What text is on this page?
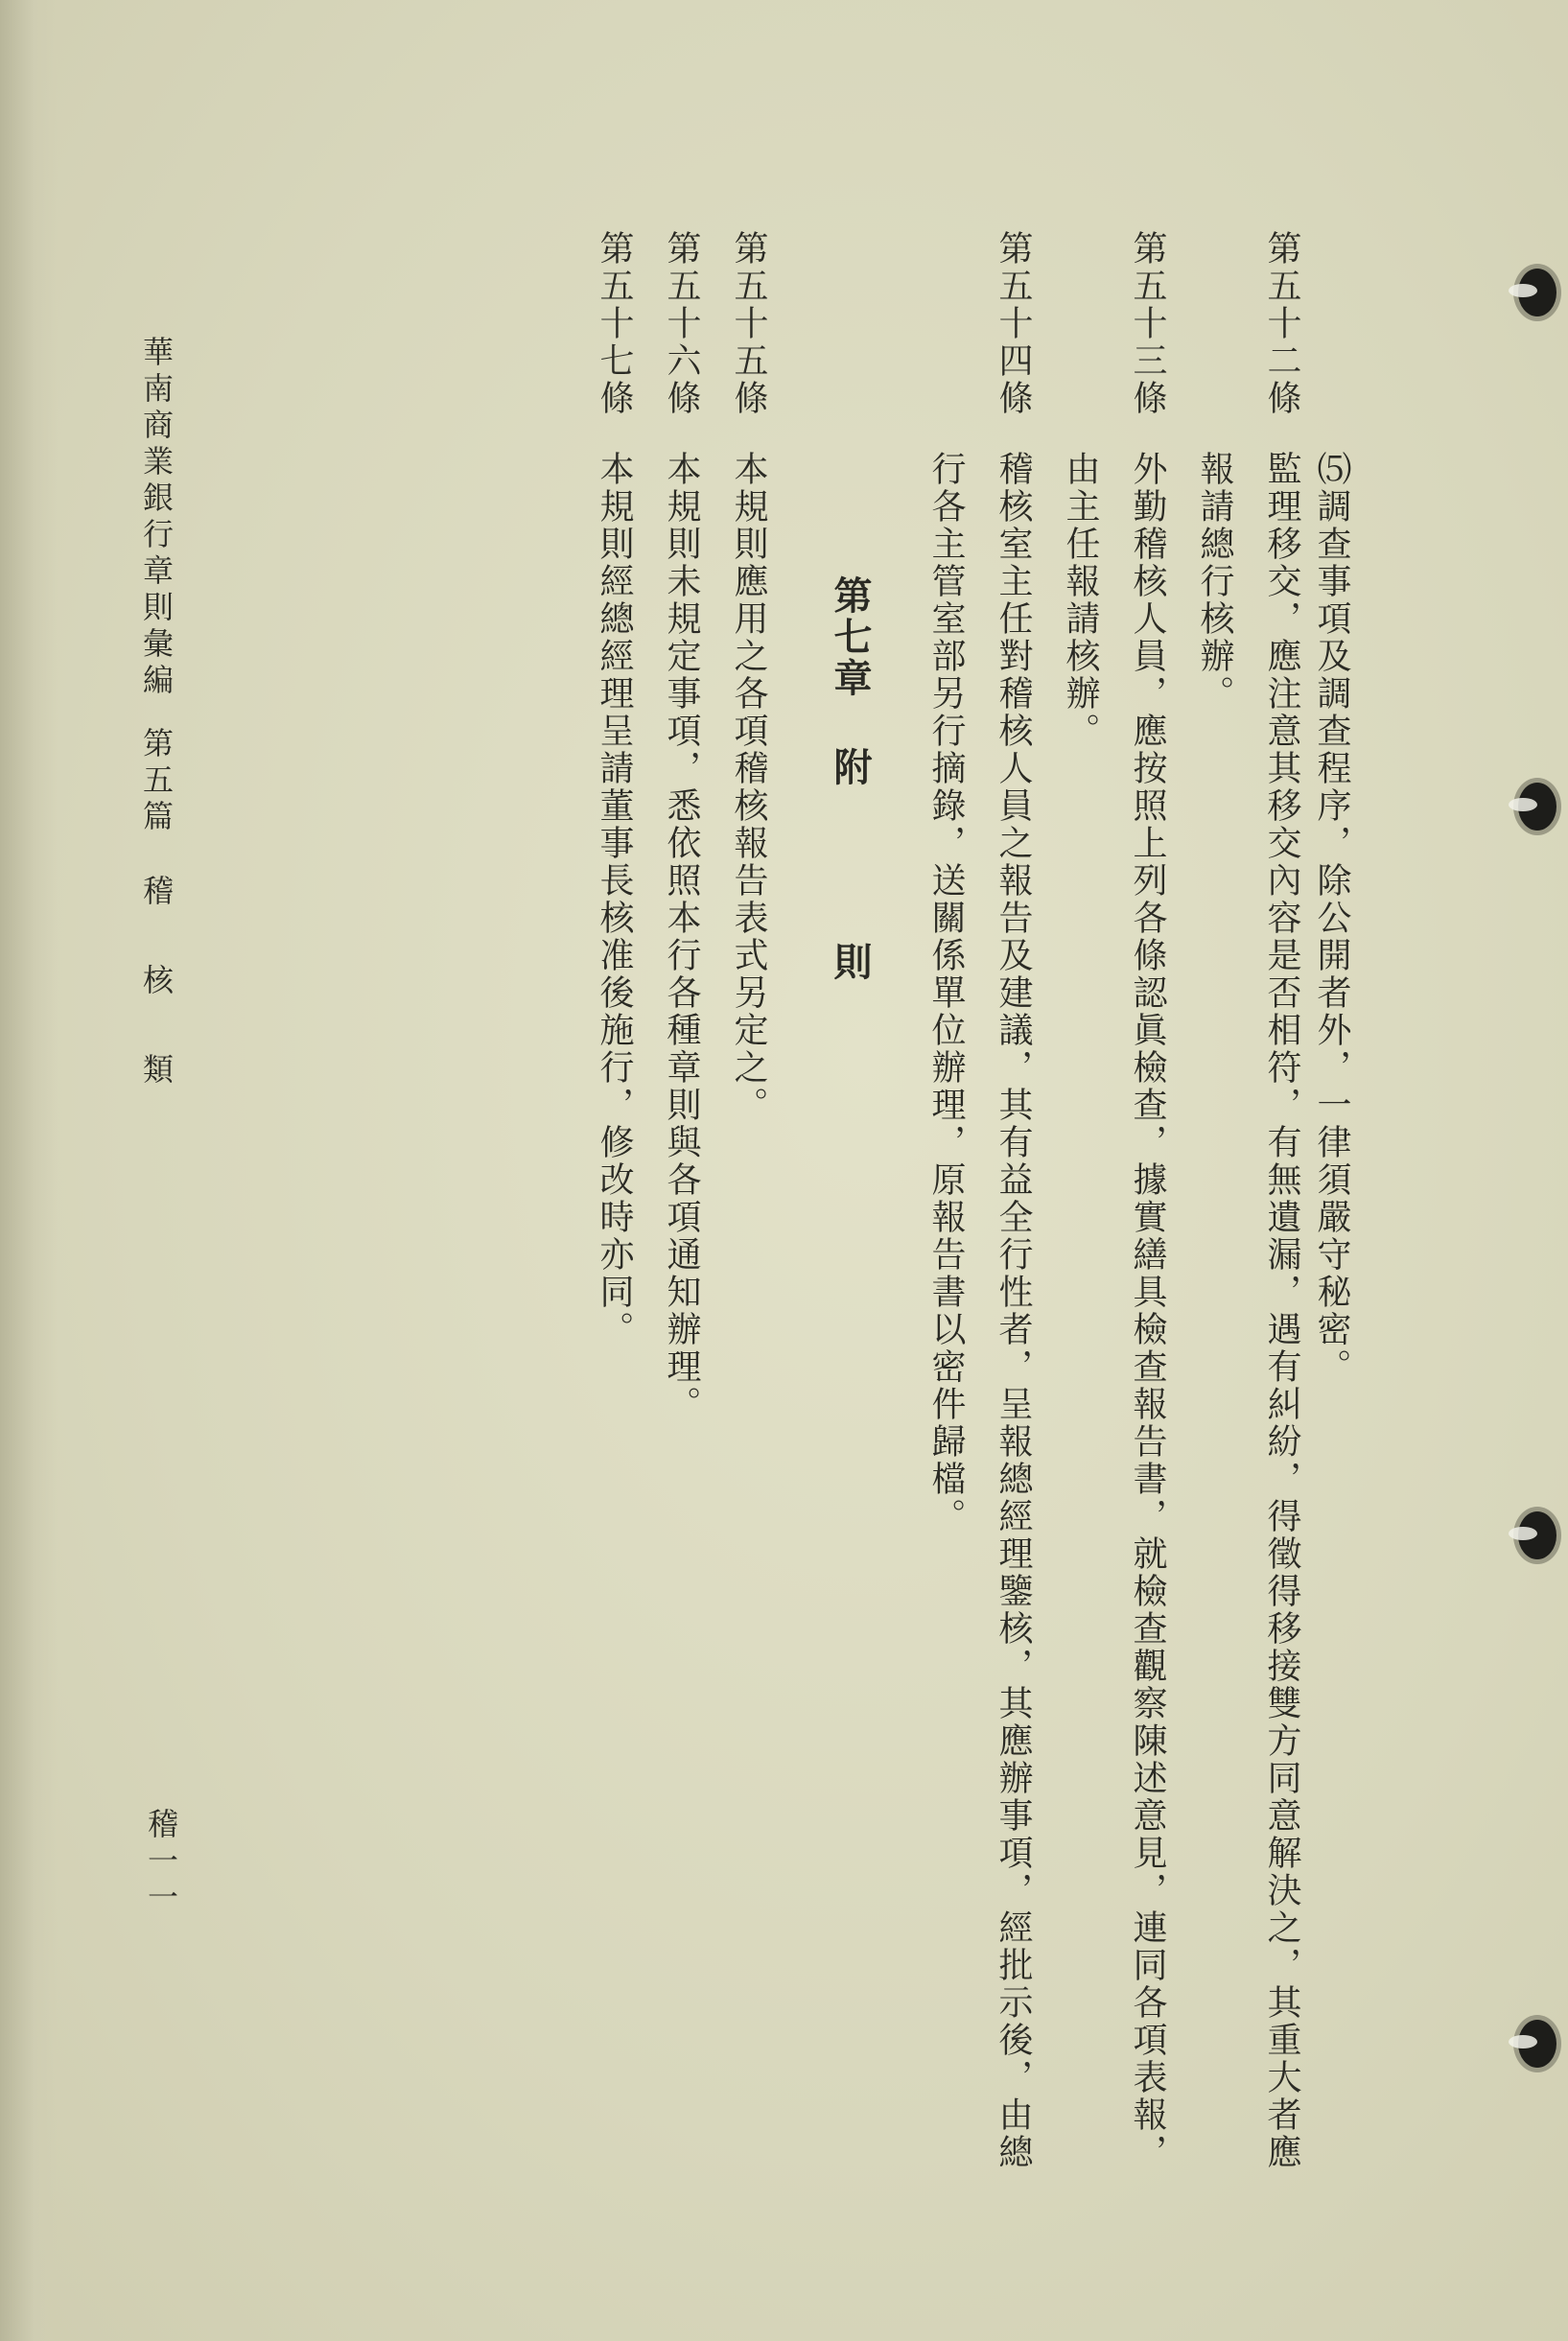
第五十二條
⑸調查事項及調查程序，除公開者外，一律須嚴守秘密。
監理移交，應注意其移交內容是否相符，有無遺漏，遇有糾紛，得徵得移接雙方同意解決之，其重大者應
報請總行核辦。
第五十三條
外勤稽核人員，應按照上列各條認眞檢查，據實繕具檢查報告書，就檢查觀察陳述意見，連同各項表報，
由主任報請核辦。
第五十四條
稽核室主任對稽核人員之報告及建議，其有益全行性者，呈報總經理鑒核，其應辦事項，經批示後，由總
行各主管室部另行摘錄，送關係單位辦理，原報告書以密件歸檔。
第七章附則
第五十五條
本規則應用之各項稽核報告表式另定之。
第五十六條
本規則未規定事項，悉依照本行各種章則與各項通知辦理。
第五十七條
本規則經總經理呈請董事長核准後施行，修改時亦同。
華南商業銀行章則彙編第五篇稽核類
稽一一
